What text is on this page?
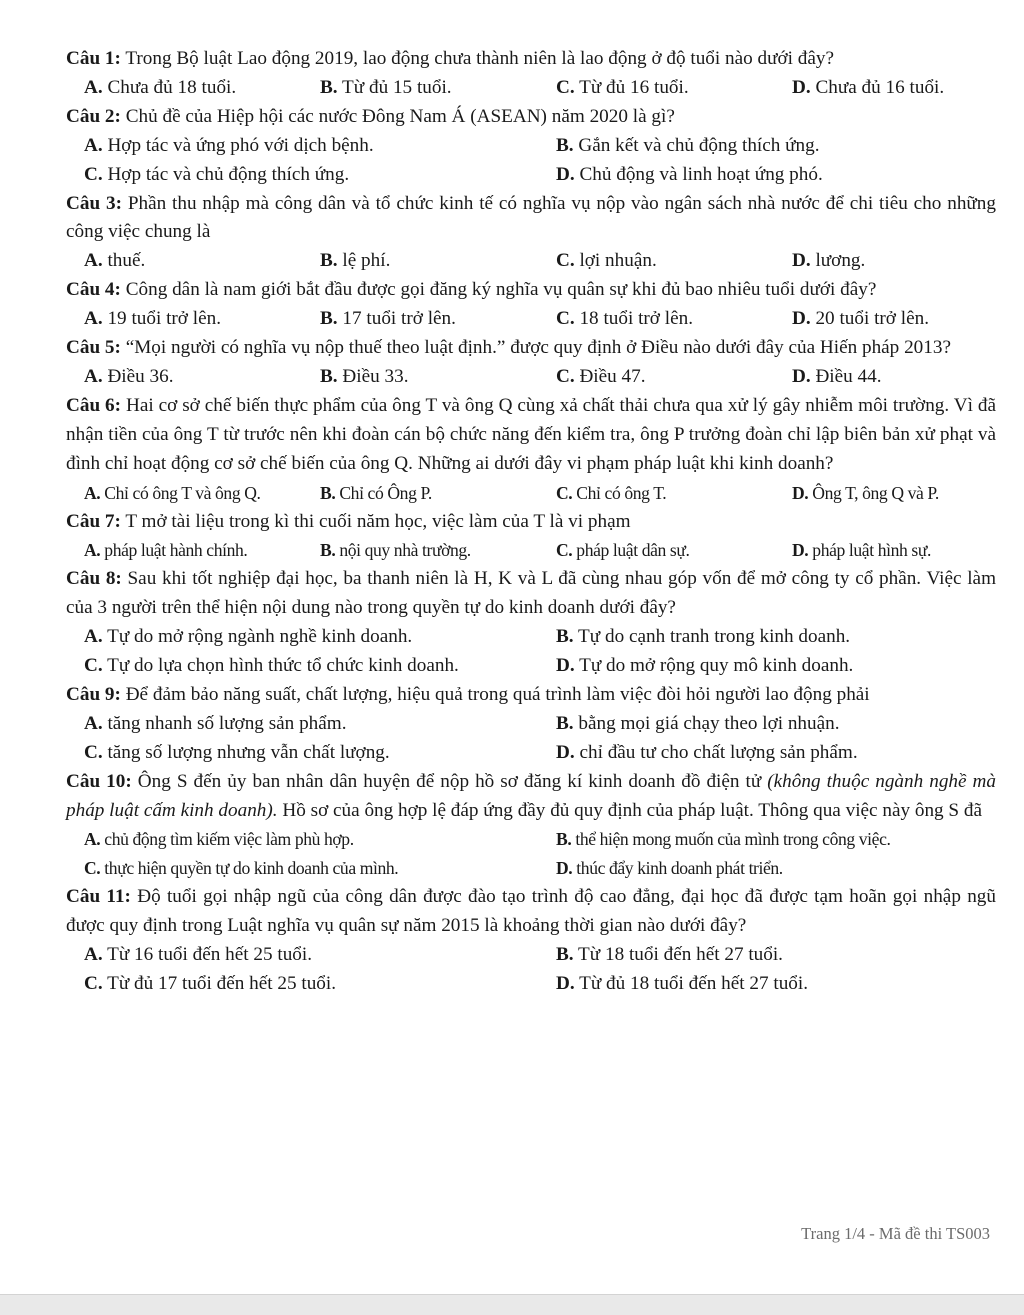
Câu 1: Trong Bộ luật Lao động 2019, lao động chưa thành niên là lao động ở độ tuổi nào dưới đây?

A. Chưa đủ 18 tuổi.	B. Từ đủ 15 tuổi.	C. Từ đủ 16 tuổi.	D. Chưa đủ 16 tuổi.

Câu 2: Chủ đề của Hiệp hội các nước Đông Nam Á (ASEAN) năm 2020 là gì?

A. Hợp tác và ứng phó với dịch bệnh.	B. Gắn kết và chủ động thích ứng.
C. Hợp tác và chủ động thích ứng.	D. Chủ động và linh hoạt ứng phó.

Câu 3: Phần thu nhập mà công dân và tổ chức kinh tế có nghĩa vụ nộp vào ngân sách nhà nước để chi tiêu cho những công việc chung là

A. thuế.	B. lệ phí.	C. lợi nhuận.	D. lương.

Câu 4: Công dân là nam giới bắt đầu được gọi đăng ký nghĩa vụ quân sự khi đủ bao nhiêu tuổi dưới đây?

A. 19 tuổi trở lên.	B. 17 tuổi trở lên.	C. 18 tuổi trở lên.	D. 20 tuổi trở lên.

Câu 5: “Mọi người có nghĩa vụ nộp thuế theo luật định.” được quy định ở Điều nào dưới đây của Hiến pháp 2013?

A. Điều 36.	B. Điều 33.	C. Điều 47.	D. Điều 44.

Câu 6: Hai cơ sở chế biến thực phẩm của ông T và ông Q cùng xả chất thải chưa qua xử lý gây nhiễm môi trường. Vì đã nhận tiền của ông T từ trước nên khi đoàn cán bộ chức năng đến kiểm tra, ông P trưởng đoàn chỉ lập biên bản xử phạt và đình chỉ hoạt động cơ sở chế biến của ông Q. Những ai dưới đây vi phạm pháp luật khi kinh doanh?

A. Chỉ có ông T và ông Q.	B. Chỉ có Ông P.	C. Chỉ có ông T.	D. Ông T, ông Q và P.

Câu 7: T mở tài liệu trong kì thi cuối năm học, việc làm của T là vi phạm

A. pháp luật hành chính.	B. nội quy nhà trường.	C. pháp luật dân sự.	D. pháp luật hình sự.

Câu 8: Sau khi tốt nghiệp đại học, ba thanh niên là H, K và L đã cùng nhau góp vốn để mở công ty cổ phần. Việc làm của 3 người trên thể hiện nội dung nào trong quyền tự do kinh doanh dưới đây?

A. Tự do mở rộng ngành nghề kinh doanh.	B. Tự do cạnh tranh trong kinh doanh.
C. Tự do lựa chọn hình thức tổ chức kinh doanh.	D. Tự do mở rộng quy mô kinh doanh.

Câu 9: Để đảm bảo năng suất, chất lượng, hiệu quả trong quá trình làm việc đòi hỏi người lao động phải

A. tăng nhanh số lượng sản phẩm.	B. bằng mọi giá chạy theo lợi nhuận.
C. tăng số lượng nhưng vẫn chất lượng.	D. chỉ đầu tư cho chất lượng sản phẩm.

Câu 10: Ông S đến ủy ban nhân dân huyện để nộp hồ sơ đăng kí kinh doanh đồ điện tử (không thuộc ngành nghề mà pháp luật cấm kinh doanh). Hồ sơ của ông hợp lệ đáp ứng đầy đủ quy định của pháp luật. Thông qua việc này ông S đã

A. chủ động tìm kiếm việc làm phù hợp.	B. thể hiện mong muốn của mình trong công việc.
C. thực hiện quyền tự do kinh doanh của mình.	D. thúc đẩy kinh doanh phát triển.

Câu 11: Độ tuổi gọi nhập ngũ của công dân được đào tạo trình độ cao đẳng, đại học đã được tạm hoãn gọi nhập ngũ được quy định trong Luật nghĩa vụ quân sự năm 2015 là khoảng thời gian nào dưới đây?

A. Từ 16 tuổi đến hết 25 tuổi.	B. Từ 18 tuổi đến hết 27 tuổi.
C. Từ đủ 17 tuổi đến hết 25 tuổi.	D. Từ đủ 18 tuổi đến hết 27 tuổi.
Trang 1/4 - Mã đề thi TS003
